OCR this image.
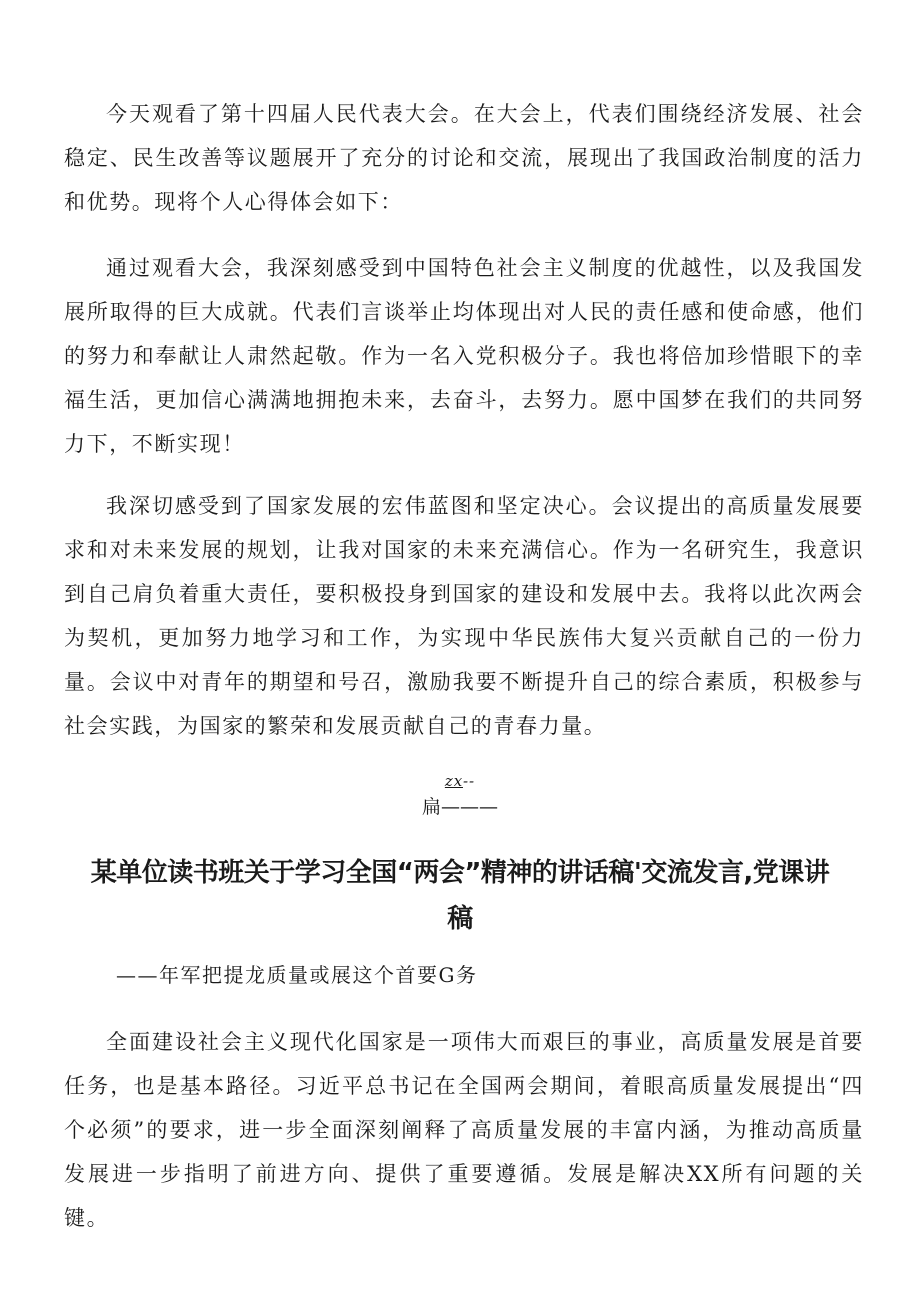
今天观看了第十四届人民代表大会。在大会上，代表们围绕经济发展、社会稳定、民生改善等议题展开了充分的讨论和交流，展现出了我国政治制度的活力和优势。现将个人心得体会如下：

通过观看大会，我深刻感受到中国特色社会主义制度的优越性，以及我国发展所取得的巨大成就。代表们言谈举止均体现出对人民的责任感和使命感，他们的努力和奉献让人肃然起敬。作为一名入党积极分子。我也将倍加珍惜眼下的幸福生活，更加信心满满地拥抱未来，去奋斗，去努力。愿中国梦在我们的共同努力下，不断实现！

我深切感受到了国家发展的宏伟蓝图和坚定决心。会议提出的高质量发展要求和对未来发展的规划，让我对国家的未来充满信心。作为一名研究生，我意识到自己肩负着重大责任，要积极投身到国家的建设和发展中去。我将以此次两会为契机，更加努力地学习和工作，为实现中华民族伟大复兴贡献自己的一份力量。会议中对青年的期望和号召，激励我要不断提升自己的综合素质，积极参与社会实践，为国家的繁荣和发展贡献自己的青春力量。

zx--
扁———
某单位读书班关于学习全国“两会”精神的讲话稿'交流发言,党课讲稿

——年军把提龙质量或展这个首要G务

全面建设社会主义现代化国家是一项伟大而艰巨的事业，高质量发展是首要任务，也是基本路径。习近平总书记在全国两会期间，着眼高质量发展提出“四个必须”的要求，进一步全面深刻阐释了高质量发展的丰富内涵，为推动高质量发展进一步指明了前进方向、提供了重要遵循。发展是解决XX所有问题的关键。
